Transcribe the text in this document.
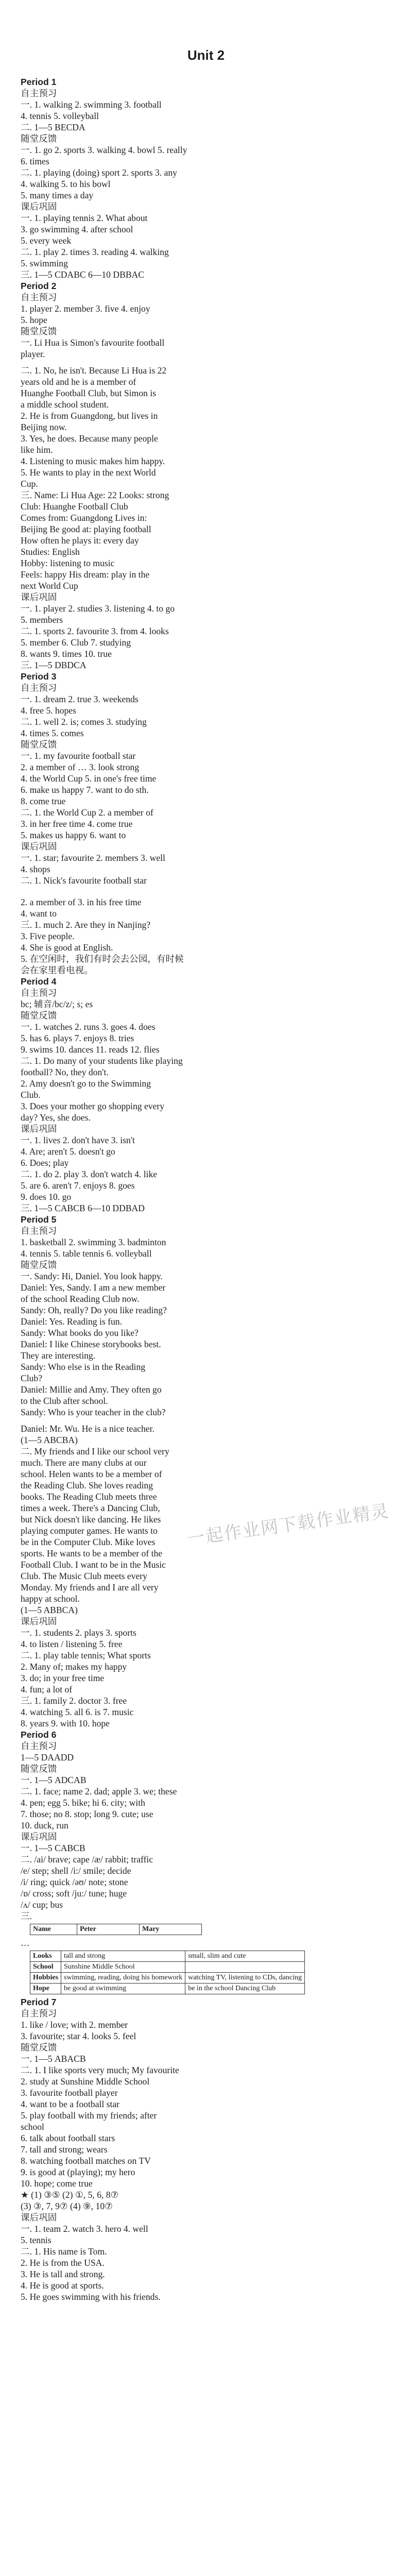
Unit 2
Period 1
自主预习
一. 1. walking 2. swimming 3. football
4. tennis 5. volleyball
二. 1—5 BECDA
随堂反馈
一. 1. go 2. sports 3. walking 4. bowl 5. really
6. times
二. 1. playing (doing) sport 2. sports 3. any
4. walking 5. to his bowl
5. many times a day
课后巩固
一. 1. playing tennis 2. What about
3. go swimming 4. after school
5. every week
二. 1. play 2. times 3. reading 4. walking
5. swimming
三. 1—5 CDABC 6—10 DBBAC
Period 2
自主预习
1. player 2. member 3. five 4. enjoy
5. hope
随堂反馈
一. Li Hua is Simon's favourite football
player.
二. 1. No, he isn't. Because Li Hua is 22
years old and he is a member of
Huanghe Football Club, but Simon is
a middle school student.
2. He is from Guangdong, but lives in
Beijing now.
3. Yes, he does. Because many people
like him.
4. Listening to music makes him happy.
5. He wants to play in the next World
Cup.
三. Name: Li Hua Age: 22 Looks: strong
Club: Huanghe Football Club
Comes from: Guangdong Lives in:
Beijing Be good at: playing football
How often he plays it: every day
Studies: English
Hobby: listening to music
Feels: happy His dream: play in the
next World Cup
课后巩固
一. 1. player 2. studies 3. listening 4. to go
5. members
二. 1. sports 2. favourite 3. from 4. looks
5. member 6. Club 7. studying
8. wants 9. times 10. true
三. 1—5 DBDCA
Period 3
自主预习
一. 1. dream 2. true 3. weekends
4. free 5. hopes
二. 1. well 2. is; comes 3. studying
4. times 5. comes
随堂反馈
一. 1. my favourite football star
2. a member of … 3. look strong
4. the World Cup 5. in one's free time
6. make us happy 7. want to do sth.
8. come true
二. 1. the World Cup 2. a member of
3. in her free time 4. come true
5. makes us happy 6. want to
课后巩固
一. 1. star; favourite 2. members 3. well
4. shops
二. 1. Nick's favourite football star
2. a member of 3. in his free time
4. want to
三. 1. much 2. Are they in Nanjing?
3. Five people.
4. She is good at English.
5. 在空闲时，我们有时会去公园，有时候
会在家里看电视。
Period 4
自主预习
bc; 辅音/bc/z/; s; es
随堂反馈
一. 1. watches 2. runs 3. goes 4. does
5. has 6. plays 7. enjoys 8. tries
9. swims 10. dances 11. reads 12. flies
二. 1. Do many of your students like playing
football? No, they don't.
2. Amy doesn't go to the Swimming
Club.
3. Does your mother go shopping every
day? Yes, she does.
课后巩固
一. 1. lives 2. don't have 3. isn't
4. Are; aren't 5. doesn't go
6. Does; play
二. 1. do 2. play 3. don't watch 4. like
5. are 6. aren't 7. enjoys 8. goes
9. does 10. go
三. 1—5 CABCB 6—10 DDBAD
Period 5
自主预习
1. basketball 2. swimming 3. badminton
4. tennis 5. table tennis 6. volleyball
随堂反馈
一. Sandy: Hi, Daniel. You look happy.
Daniel: Yes, Sandy. I am a new member
of the school Reading Club now.
Sandy: Oh, really? Do you like reading?
Daniel: Yes. Reading is fun.
Sandy: What books do you like?
Daniel: I like Chinese storybooks best.
They are interesting.
Sandy: Who else is in the Reading
Club?
Daniel: Millie and Amy. They often go
to the Club after school.
Sandy: Who is your teacher in the club?
Daniel: Mr. Wu. He is a nice teacher.
(1—5 ABCBA)
二. My friends and I like our school very
much. There are many clubs at our
school. Helen wants to be a member of
the Reading Club. She loves reading
books. The Reading Club meets three
times a week. There's a Dancing Club,
but Nick doesn't like dancing. He likes
playing computer games. He wants to
be in the Computer Club. Mike loves
sports. He wants to be a member of the
Football Club. I want to be in the Music
Club. The Music Club meets every
Monday. My friends and I are all very
happy at school.
(1—5 ABBCA)
课后巩固
一. 1. students 2. plays 3. sports
4. to listen / listening 5. free
二. 1. play table tennis; What sports
2. Many of; makes my happy
3. do; in your free time
4. fun; a lot of
三. 1. family 2. doctor 3. free
4. watching 5. all 6. is 7. music
8. years 9. with 10. hope
Period 6
自主预习
1—5 DAADD
随堂反馈
一. 1—5 ADCAB
二. 1. face; name 2. dad; apple 3. we; these
4. pen; egg 5. bike; hi 6. city; with
7. those; no 8. stop; long 9. cute; use
10. duck, run
课后巩固
一. 1—5 CABCB
二. /ai/ brave; cape /æ/ rabbit; traffic
/e/ step; shell /i:/ smile; decide
/i/ ring; quick /əʊ/ note; stone
/ɒ/ cross; soft /ju:/ tune; huge
/ʌ/ cup; bus
三.
Name	Peter	Mary
…
Looks	tall and strong	small, slim and cute
School	Sunshine Middle School	
Hobbies	swimming, reading, doing his homework	watching TV, listening to CDs, dancing
Hope	be good at swimming	be in the school Dancing Club
Period 7
自主预习
1. like / love; with 2. member
3. favourite; star 4. looks 5. feel
随堂反馈
一. 1—5 ABACB
二. 1. I like sports very much; My favourite
2. study at Sunshine Middle School
3. favourite football player
4. want to be a football star
5. play football with my friends; after
school
6. talk about football stars
7. tall and strong; wears
8. watching football matches on TV
9. is good at (playing); my hero
10. hope; come true
★ (1) ③⑤ (2) ①, 5, 6, 8⑦
(3) ③, 7, 9⑦ (4) ⑨, 10⑦
课后巩固
一. 1. team 2. watch 3. hero 4. well
5. tennis
二. 1. His name is Tom.
2. He is from the USA.
3. He is tall and strong.
4. He is good at sports.
5. He goes swimming with his friends.
一起作业网下载作业精灵
